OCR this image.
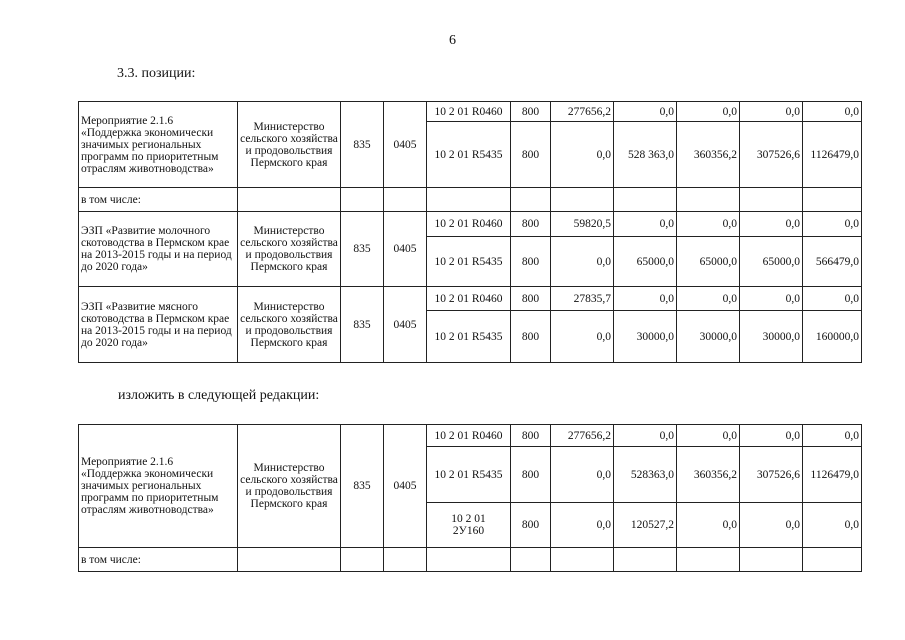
6
3.3. позиции:
Мероприятие 2.1.6 «Поддержка экономически значимых региональных программ по приоритетным отраслям животноводства»	Министерство сельского хозяйства и продовольствия Пермского края	835	0405	10 2 01 R0460	800	277656,2	0,0	0,0	0,0	0,0
				10 2 01 R5435	800	0,0	528 363,0	360356,2	307526,6	1126479,0
в том числе:										
ЭЗП «Развитие молочного скотоводства в Пермском крае на 2013-2015 годы и на период до 2020 года»	Министерство сельского хозяйства и продовольствия Пермского края	835	0405	10 2 01 R0460	800	59820,5	0,0	0,0	0,0	0,0
				10 2 01 R5435	800	0,0	65000,0	65000,0	65000,0	566479,0
ЭЗП «Развитие мясного скотоводства в Пермском крае на 2013-2015 годы и на период до 2020 года»	Министерство сельского хозяйства и продовольствия Пермского края	835	0405	10 2 01 R0460	800	27835,7	0,0	0,0	0,0	0,0
				10 2 01 R5435	800	0,0	30000,0	30000,0	30000,0	160000,0
изложить в следующей редакции:
Мероприятие 2.1.6 «Поддержка экономически значимых региональных программ по приоритетным отраслям животноводства»	Министерство сельского хозяйства и продовольствия Пермского края	835	0405	10 2 01 R0460	800	277656,2	0,0	0,0	0,0	0,0
				10 2 01 R5435	800	0,0	528363,0	360356,2	307526,6	1126479,0
				10 2 01 2У160	800	0,0	120527,2	0,0	0,0	0,0
в том числе:										
